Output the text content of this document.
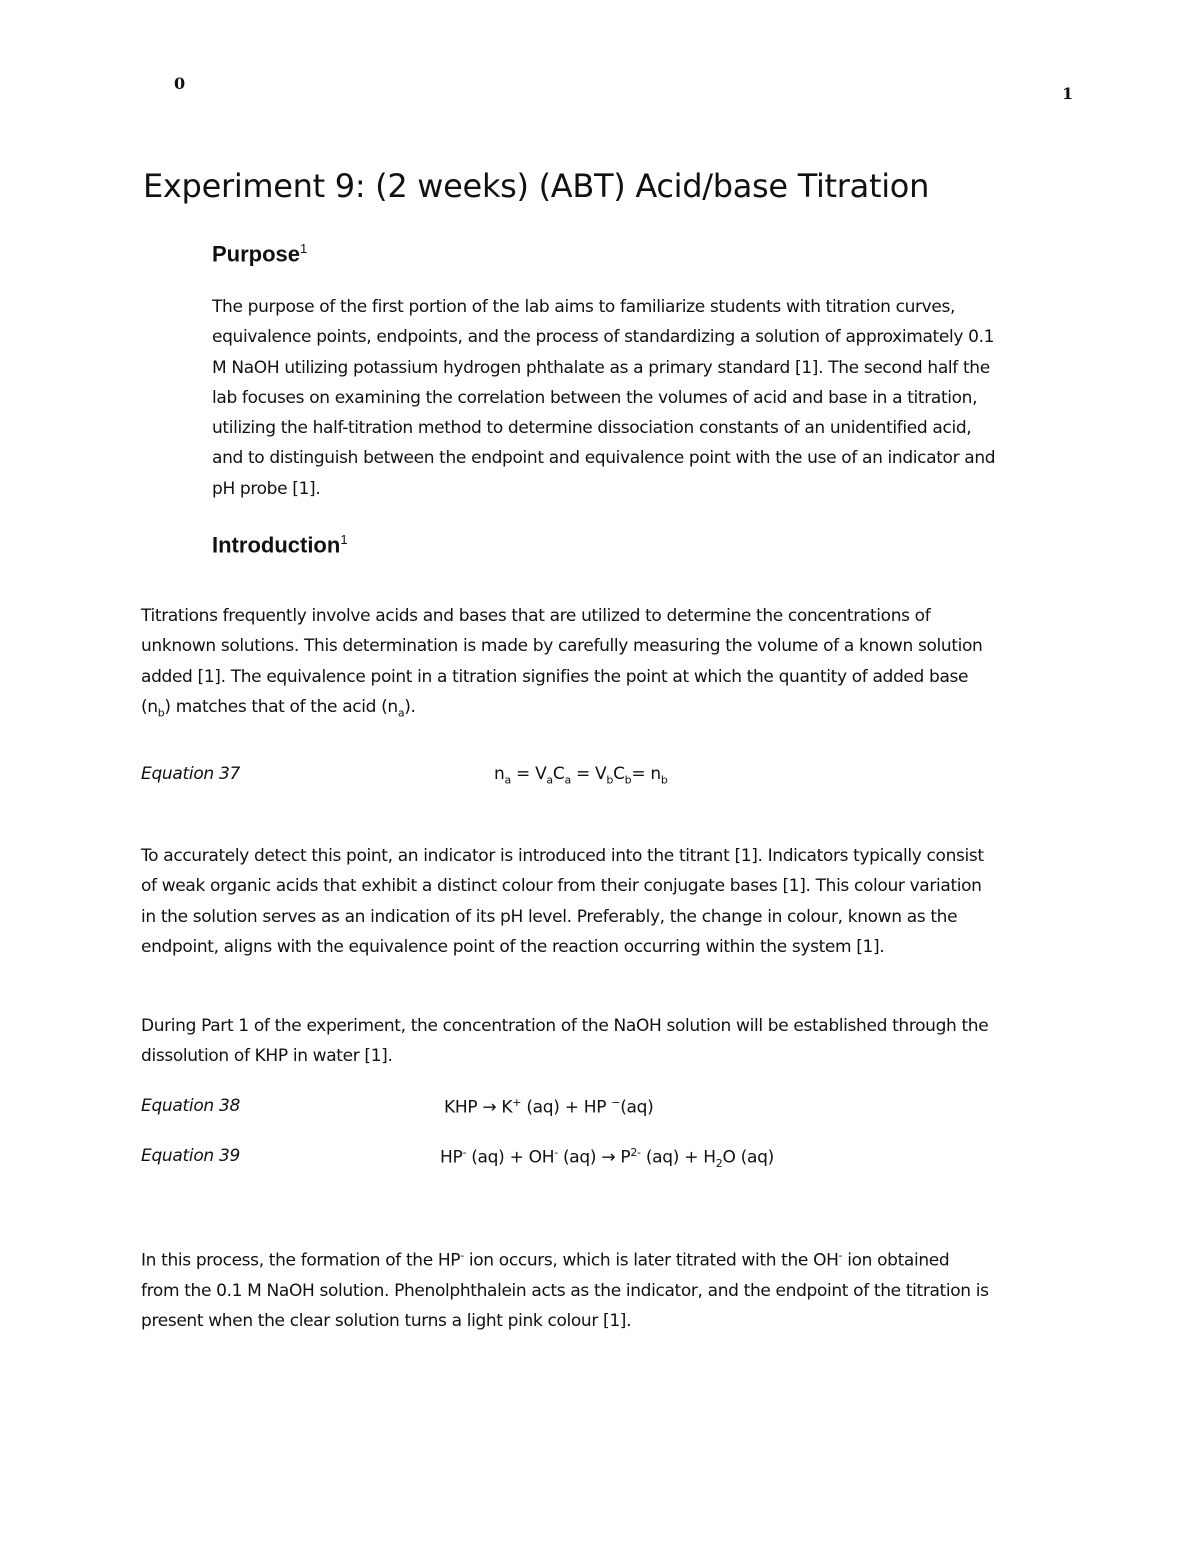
0
1
Experiment 9: (2 weeks) (ABT) Acid/base Titration
Purpose$^1$
The purpose of the first portion of the lab aims to familiarize students with titration curves,
equivalence points, endpoints, and the process of standardizing a solution of approximately 0.1
M NaOH utilizing potassium hydrogen phthalate as a primary standard [1]. The second half the
lab focuses on examining the correlation between the volumes of acid and base in a titration,
utilizing the half-titration method to determine dissociation constants of an unidentified acid,
and to distinguish between the endpoint and equivalence point with the use of an indicator and
pH probe [1].
Introduction$^1$
Titrations frequently involve acids and bases that are utilized to determine the concentrations of
unknown solutions. This determination is made by carefully measuring the volume of a known solution
added [1]. The equivalence point in a titration signifies the point at which the quantity of added base
$(n_b)$ matches that of the acid $(n_a)$.
Equation 37	$n_a = V_aC_a = V_bC_b= n_b$
To accurately detect this point, an indicator is introduced into the titrant [1]. Indicators typically consist
of weak organic acids that exhibit a distinct colour from their conjugate bases [1]. This colour variation
in the solution serves as an indication of its pH level. Preferably, the change in colour, known as the
endpoint, aligns with the equivalence point of the reaction occurring within the system [1].
During Part 1 of the experiment, the concentration of the NaOH solution will be established through the
dissolution of KHP in water [1].
Equation 38	KHP → K+ (aq) + HP −(aq)
Equation 39	HP- (aq) + OH- $(aq) \to P^{2-}$ $(aq) + H_2O$ (aq)
In this process, the formation of the HP- ion occurs, which is later titrated with the OH- ion obtained
from the 0.1 M NaOH solution. Phenolphthalein acts as the indicator, and the endpoint of the titration is
present when the clear solution turns a light pink colour [1].
